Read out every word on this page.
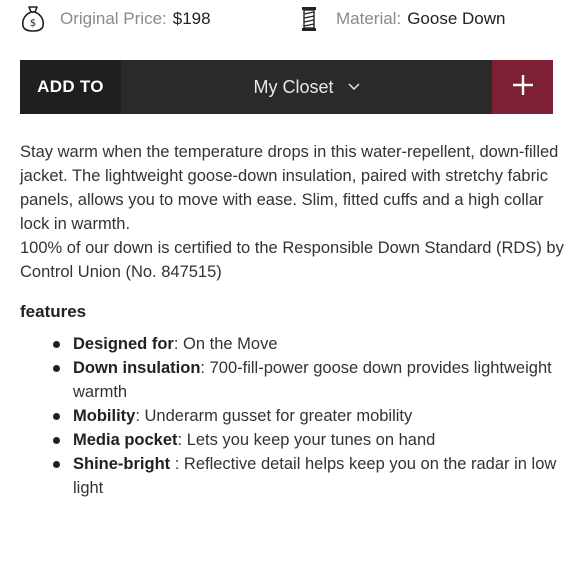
$ Original Price: $198	Material: Goose Down
ADD TO	My Closet

Stay warm when the temperature drops in this water-repellent, down-filled jacket. The lightweight goose-down insulation, paired with stretchy fabric panels, allows you to move with ease. Slim, fitted cuffs and a high collar lock in warmth.

100% of our down is certified to the Responsible Down Standard (RDS) by Control Union (No. 847515)

features
Designed for: On the Move
Down insulation: 700-fill-power goose down provides lightweight warmth
Mobility: Underarm gusset for greater mobility
Media pocket: Lets you keep your tunes on hand
Shine-bright : Reflective detail helps keep you on the radar in low light
